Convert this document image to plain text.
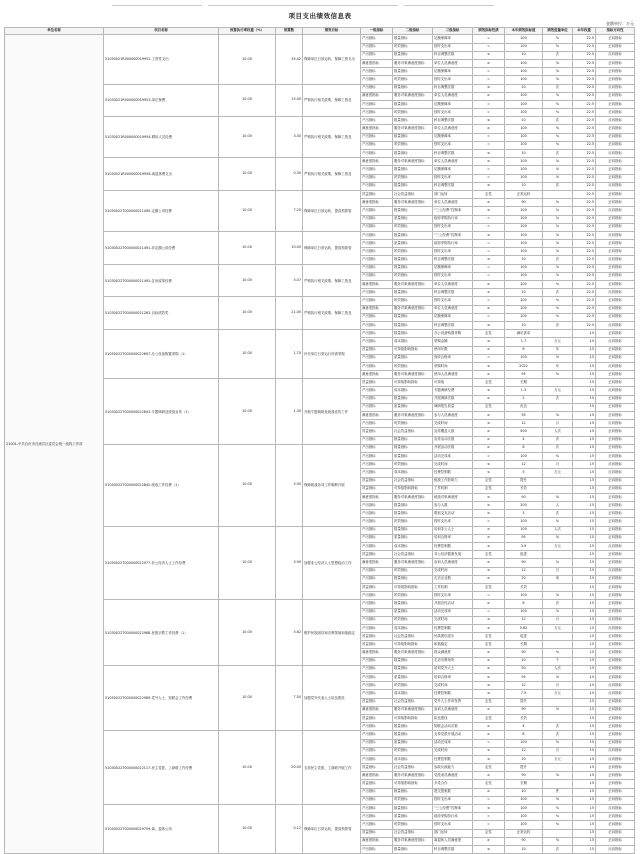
项目支出绩效信息表
金额单位：万元
单位名称	项目名称	预算执行率权重（%）	预算数	绩效目标	一级指标	二级指标	三级指标	绩效指标性质	本年绩效指标值	绩效度量单位	本年权重	指标方向性
21001-中共自贡市自流井区委员会统一战线工作部	51030021R000000019952-工资性支出	10.00	35.42	保障单位日常运转，保障工资支出	产出指标	数量指标	足额保障率	=	100	%	22.5	正向指标
					产出指标	时效指标	按时支出率	=	100	%	22.5	正向指标
					产出指标	数量指标	科目调整次数	≤	10	次	22.5	反向指标
					满意度指标	服务对象满意度指标	单位人员满意度	≥	100	%	22.5	正向指标
					产出指标	数量指标	足额保障率	=	100	%	22.5	正向指标
					产出指标	时效指标	按时支出率	=	100	%	22.5	正向指标
	51030021R000000019953-单位保费	10.00	15.00	严格执行相关政策，保障工资及	产出指标	数量指标	科目调整次数	≤	10	次	22.5	反向指标
					满意度指标	服务对象满意度指标	单位人员满意度	≥	100	%	22.5	正向指标
					产出指标	数量指标	足额保障率	=	100	%	22.5	正向指标
					产出指标	时效指标	按时支出率	=	100	%	22.5	正向指标
	51030021R000000019954-聘用人员经费	10.00	3.30	严格执行相关政策，保障工资及	产出指标	数量指标	科目调整次数	≤	10	次	22.5	反向指标
					满意度指标	服务对象满意度指标	单位人员满意度	≥	100	%	22.5	正向指标
					产出指标	数量指标	足额保障率	=	100	%	22.5	正向指标
					产出指标	时效指标	按时支出率	=	100	%	22.5	正向指标
					产出指标	数量指标	科目调整次数	≤	10	次	22.5	反向指标
	51030021R000000019956-离退休费支出	10.00	0.30	严格执行相关政策，保障工资及	满意度指标	服务对象满意度指标	单位人员满意度	≥	100	%	22.5	正向指标
					产出指标	数量指标	足额保障率	=	100	%	22.5	正向指标
					产出指标	时效指标	按时支出率	=	100	%	22.5	正向指标
					产出指标	数量指标	科目调整次数	≤	10	次	22.5	反向指标
	51030022T000000021490-定额公用经费	10.00	7.20	保障单位日常运转，提高预算管	效益指标	社会效益指标	部门运转	定性	正常运转		22.5	正向指标
					满意度指标	服务对象满意度指标	单位人员满意度	≥	90	%	22.5	正向指标
					产出指标	数量指标	“三公经费”控制率	≤	100	%	22.5	反向指标
					产出指标	质量指标	政府采购执行率	=	100	%	22.5	正向指标
					产出指标	时效指标	按时支出率	=	100	%	22.5	正向指标
	51030022T000000021491-非定额公用经费	10.00	10.00	保障单位日常运转，提高预算管	产出指标	数量指标	“三公经费”控制率	≤	100	%	22.5	反向指标
					产出指标	质量指标	政府采购执行率	=	100	%	22.5	正向指标
					产出指标	时效指标	按时支出率	=	100	%	22.5	正向指标
					产出指标	数量指标	科目调整次数	≤	10	次	22.5	反向指标
	51030022T000000021492-住房改革经费	10.00	5.07	严格执行相关政策，保障工资及	产出指标	数量指标	足额保障率	=	100	%	22.5	正向指标
					产出指标	时效指标	按时支出率	=	100	%	22.5	正向指标
					满意度指标	服务对象满意度指标	单位人员满意度	≥	100	%	22.5	正向指标
					产出指标	数量指标	科目调整次数	≤	10	次	22.5	反向指标
	51030022T000000021263-目标绩效奖	10.00	21.00	严格执行相关政策，保障工资及	产出指标	时效指标	按时支出率	=	100	%	22.5	正向指标
					满意度指标	服务对象满意度指标	单位人员满意度	≥	100	%	22.5	正向指标
					产出指标	数量指标	足额保障率	=	100	%	22.5	正向指标
					产出指标	数量指标	科目调整次数	≤	10	次	22.5	反向指标
	51030022T000000022697-办公设备购置采购（1）	10.00	1.70	补充单位日常运行所需采购	产出指标	数量指标	办公设备购置采购	定性	满足需求		15	正向指标
					产出指标	成本指标	采购金额	≤	1.7	万元	15	反向指标
					效益指标	可持续影响指标	使用年限	≥	6	年	15	正向指标
					产出指标	质量指标	验收合格率	=	100	%	15	正向指标
					产出指标	时效指标	采购时间	≤	2022	年	15	反向指标
					满意度指标	服务对象满意度指标	使用人员满意度	≥	95	%	15	正向指标
	51030022T000000022843-专题调研及统战宣传（1）	10.00	1.30	开展专题调研及统战宣传工作	效益指标	可持续影响指标	可持续	定性	长期		15	正向指标
					产出指标	成本指标	专题调研经费	≤	1.3	万元	15	反向指标
					产出指标	数量指标	开展调研次数	≥	2	次	15	正向指标
					产出指标	质量指标	调研报告质量	定性	优良		15	正向指标
					满意度指标	服务对象满意度指标	参与人员满意度	≥	95	%	15	正向指标
					产出指标	时效指标	完成时间	≤	12	月	15	反向指标
					效益指标	社会效益指标	宣传覆盖人数	≥	500	人次	15	正向指标
					产出指标	数量指标	宣传活动次数	≥	4	次	15	正向指标
	51030022T000000022842-统战工作经费（1）	10.00	5.00	保障统战各项工作顺利开展	产出指标	数量指标	开展活动次数	≥	8	次	15	正向指标
					产出指标	质量指标	活动完成率	=	100	%	15	正向指标
					产出指标	时效指标	完成时间	≤	12	月	15	反向指标
					产出指标	成本指标	经费控制数	≤	5	万元	15	反向指标
					效益指标	社会效益指标	统战工作影响力	定性	提升		15	正向指标
					效益指标	可持续影响指标	工作机制	定性	长效		15	正向指标
					满意度指标	服务对象满意度指标	统战对象满意度	≥	90	%	15	正向指标
					产出指标	数量指标	参与人数	≥	200	人	15	正向指标
					产出指标	数量指标	联谊交友活动	≥	3	次	15	正向指标
					产出指标	时效指标	按时支出率	=	100	%	15	正向指标
	51030022T000000022977-非公经济人士工作经费	10.00	3.90	加强非公经济人士思想政治工作	产出指标	数量指标	培训非公人士	≥	100	人次	15	正向指标
					产出指标	质量指标	培训合格率	≥	95	%	15	正向指标
					产出指标	成本指标	经费控制数	≤	3.9	万元	15	反向指标
					效益指标	社会效益指标	非公经济健康发展	定性	促进		15	正向指标
					满意度指标	服务对象满意度指标	参训人员满意度	≥	90	%	15	正向指标
					产出指标	时效指标	完成时间	≤	12	月	15	反向指标
					产出指标	数量指标	走访企业数	≥	20	家	15	正向指标
					效益指标	可持续影响指标	工作机制	定性	长效		15	正向指标
					产出指标	时效指标	按时支出率	=	100	%	15	正向指标
	51030022T000000022988-民族宗教工作经费（1）	10.00	5.62	维护民族团结和宗教领域和谐稳定	产出指标	数量指标	开展宣传活动	≥	6	次	15	正向指标
					产出指标	质量指标	活动完成率	=	100	%	15	正向指标
					产出指标	时效指标	完成时间	≤	12	月	15	反向指标
					产出指标	成本指标	经费控制数	≤	5.62	万元	15	反向指标
					效益指标	社会效益指标	民族团结进步	定性	促进		15	正向指标
					效益指标	可持续影响指标	和谐稳定	定性	长期		15	正向指标
					满意度指标	服务对象满意度指标	群众满意度	≥	90	%	15	正向指标
					产出指标	数量指标	走访宗教场所	≥	10	个	15	正向指标
	51030022T000000022989-党外人士、知联会工作经费	10.00	7.50	加强党外代表人士队伍建设	产出指标	数量指标	培训党外人士	≥	50	人次	15	正向指标
					产出指标	质量指标	培训合格率	≥	95	%	15	正向指标
					产出指标	时效指标	完成时间	≤	12	月	15	反向指标
					产出指标	成本指标	经费控制数	≤	7.5	万元	15	反向指标
					效益指标	社会效益指标	党外人士作用发挥	定性	提升		15	正向指标
					满意度指标	服务对象满意度指标	参训人员满意度	≥	90	%	15	正向指标
					效益指标	可持续影响指标	队伍建设	定性	长效		15	正向指标
					产出指标	数量指标	知联会活动次数	≥	4	次	15	正向指标
	51030022T000000022117-民主党派、工商联工作经费	10.00	20.00	支持民主党派、工商联开展工作	产出指标	数量指标	支持党派开展活动	≥	8	次	15	正向指标
					产出指标	质量指标	活动完成率	=	100	%	15	正向指标
					产出指标	时效指标	完成时间	≤	12	月	15	反向指标
					产出指标	成本指标	经费控制数	≤	20	万元	15	反向指标
					效益指标	社会效益指标	参政议政能力	定性	提升		15	正向指标
					满意度指标	服务对象满意度指标	党派成员满意度	≥	90	%	15	正向指标
					效益指标	可持续影响指标	多党合作	定性	长期		15	正向指标
					产出指标	数量指标	提交提案数	≥	10	件	15	正向指标
					产出指标	时效指标	按时支出率	=	100	%	15	正向指标
	51030022T000000029759-离、退休公用	10.00	0.12	保障单位日常运转，提高预算管	产出指标	数量指标	“三公经费”控制率	≤	100	%	15	反向指标
					产出指标	质量指标	政府采购执行率	=	100	%	15	正向指标
					产出指标	时效指标	按时支出率	=	100	%	15	正向指标
					效益指标	社会效益指标	部门运转	定性	正常运转		15	正向指标
					满意度指标	服务对象满意度指标	离退休人员满意度	≥	90	%	15	正向指标
					产出指标	数量指标	科目调整次数	≤	10	次	15	反向指标
